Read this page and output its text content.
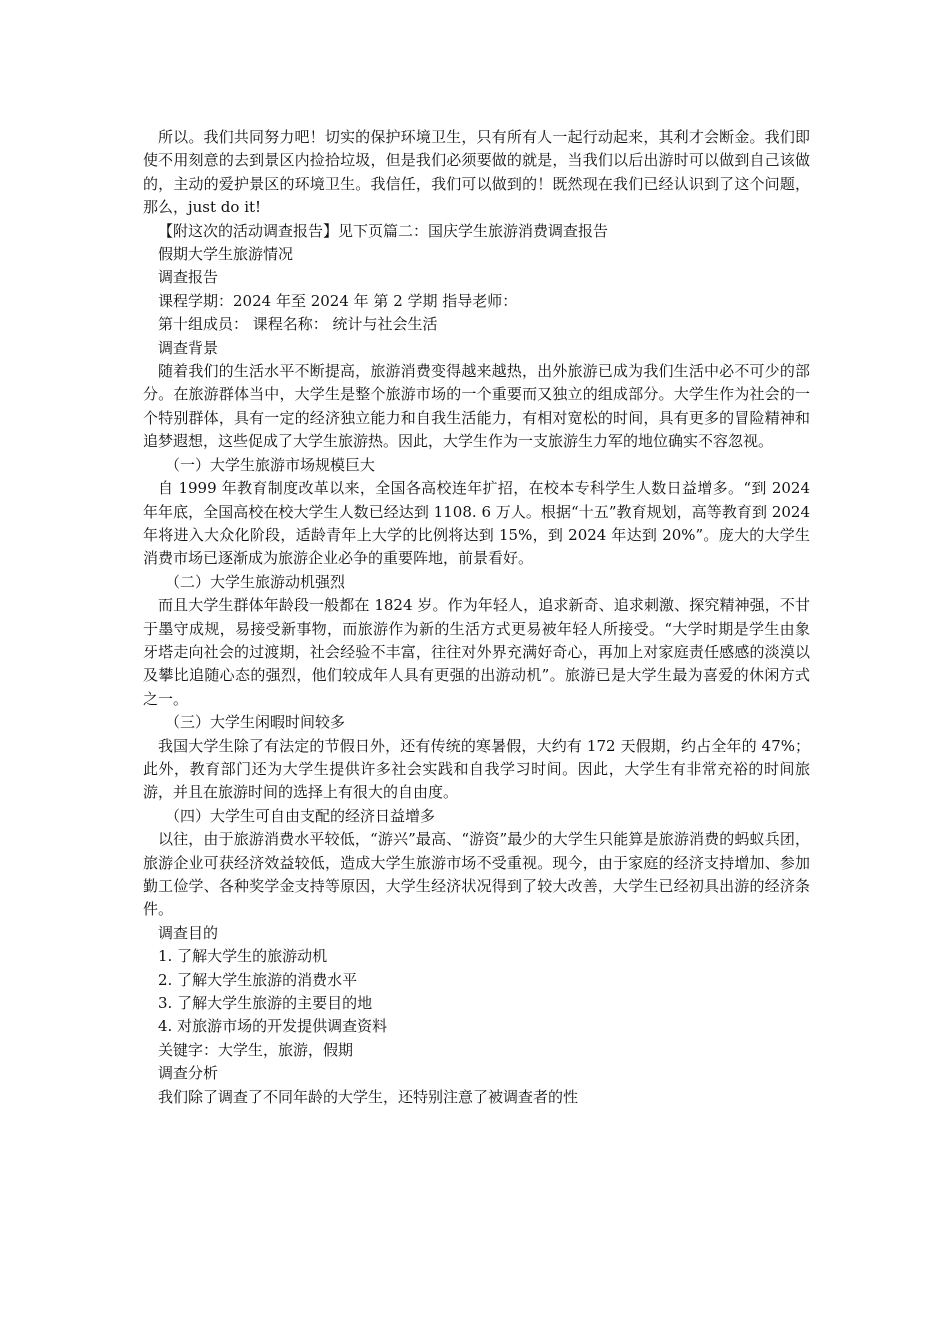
所以。我们共同努力吧！切实的保护环境卫生，只有所有人一起行动起来，其利才会断金。我们即使不用刻意的去到景区内捡拾垃圾，但是我们必须要做的就是，当我们以后出游时可以做到自己该做的，主动的爱护景区的环境卫生。我信任，我们可以做到的！既然现在我们已经认识到了这个问题，那么，just do it!

【附这次的活动调查报告】见下页篇二：国庆学生旅游消费调查报告

假期大学生旅游情况

调查报告

课程学期：2024 年至 2024 年 第 2 学期 指导老师：

第十组成员： 课程名称： 统计与社会生活

调查背景

随着我们的生活水平不断提高，旅游消费变得越来越热，出外旅游已成为我们生活中必不可少的部分。在旅游群体当中，大学生是整个旅游市场的一个重要而又独立的组成部分。大学生作为社会的一个特别群体，具有一定的经济独立能力和自我生活能力，有相对宽松的时间，具有更多的冒险精神和追梦遐想，这些促成了大学生旅游热。因此，大学生作为一支旅游生力军的地位确实不容忽视。

（一）大学生旅游市场规模巨大

自 1999 年教育制度改革以来，全国各高校连年扩招，在校本专科学生人数日益增多。“到 2024 年年底，全国高校在校大学生人数已经达到 1108. 6 万人。根据“十五”教育规划，高等教育到 2024 年将进入大众化阶段，适龄青年上大学的比例将达到 15%，到 2024 年达到 20%”。庞大的大学生消费市场已逐渐成为旅游企业必争的重要阵地，前景看好。

（二）大学生旅游动机强烈

而且大学生群体年龄段一般都在 1824 岁。作为年轻人，追求新奇、追求刺激、探究精神强，不甘于墨守成规，易接受新事物，而旅游作为新的生活方式更易被年轻人所接受。“大学时期是学生由象牙塔走向社会的过渡期，社会经验不丰富，往往对外界充满好奇心，再加上对家庭责任感感的淡漠以及攀比追随心态的强烈，他们较成年人具有更强的出游动机”。旅游已是大学生最为喜爱的休闲方式之一。

（三）大学生闲暇时间较多

我国大学生除了有法定的节假日外，还有传统的寒暑假，大约有 172 天假期，约占全年的 47%；此外，教育部门还为大学生提供许多社会实践和自我学习时间。因此，大学生有非常充裕的时间旅游，并且在旅游时间的选择上有很大的自由度。

（四）大学生可自由支配的经济日益增多

以往，由于旅游消费水平较低，“游兴”最高、“游资”最少的大学生只能算是旅游消费的蚂蚁兵团，旅游企业可获经济效益较低，造成大学生旅游市场不受重视。现今，由于家庭的经济支持增加、参加勤工俭学、各种奖学金支持等原因，大学生经济状况得到了较大改善，大学生已经初具出游的经济条件。

调查目的

1. 了解大学生的旅游动机

2. 了解大学生旅游的消费水平

3. 了解大学生旅游的主要目的地

4. 对旅游市场的开发提供调查资料

关键字：大学生，旅游，假期

调查分析

我们除了调查了不同年龄的大学生，还特别注意了被调查者的性
